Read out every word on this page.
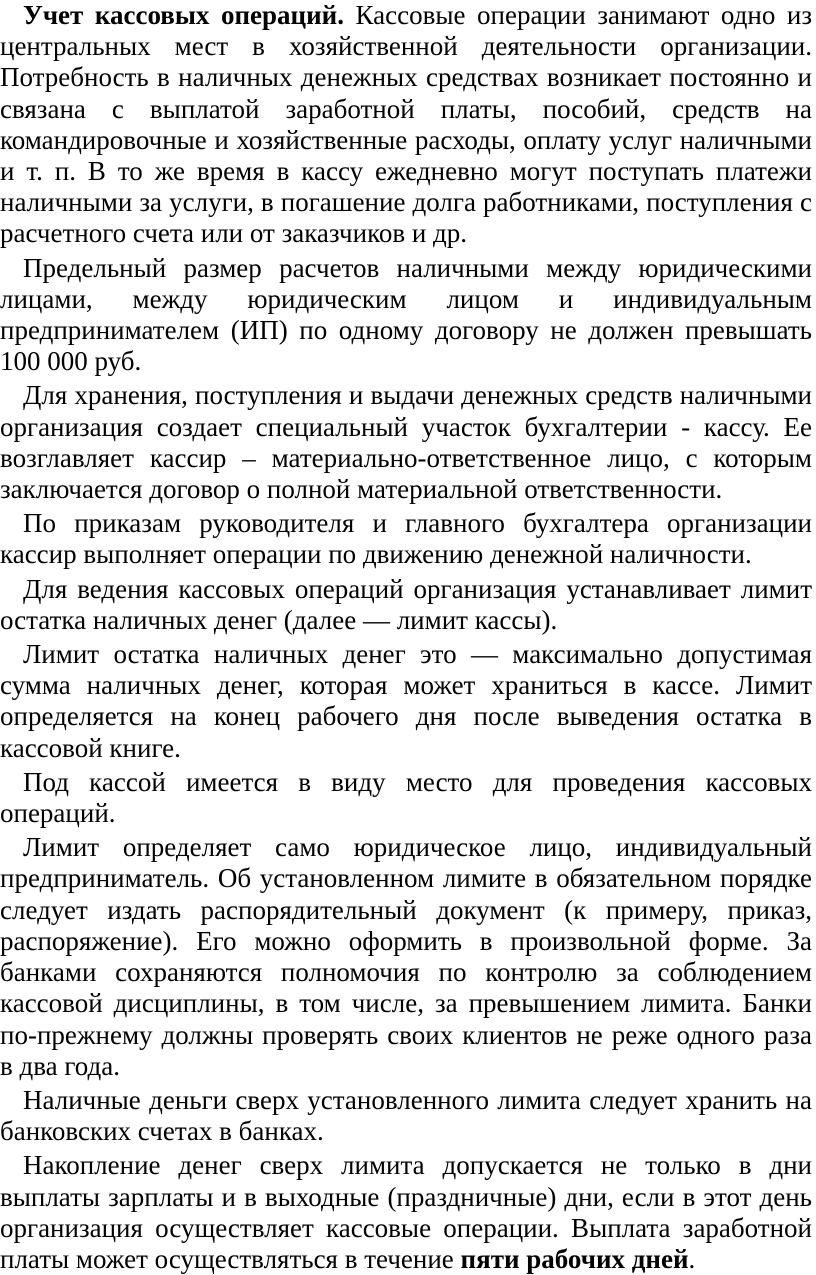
Учет кассовых операций. Кассовые операции занимают одно из центральных мест в хозяйственной деятельности организации. Потребность в наличных денежных средствах возникает постоянно и связана с выплатой заработной платы, пособий, средств на командировочные и хозяйственные расходы, оплату услуг наличными и т. п. В то же время в кассу ежедневно могут поступать платежи наличными за услуги, в погашение долга работниками, поступления с расчетного счета или от заказчиков и др.

Предельный размер расчетов наличными между юридическими лицами, между юридическим лицом и индивидуальным предпринимателем (ИП) по одному договору не должен превышать 100 000 руб.

Для хранения, поступления и выдачи денежных средств наличными организация создает специальный участок бухгалтерии - кассу. Ее возглавляет кассир – материально-ответственное лицо, с которым заключается договор о полной материальной ответственности.

По приказам руководителя и главного бухгалтера организации кассир выполняет операции по движению денежной наличности.

Для ведения кассовых операций организация устанавливает лимит остатка наличных денег (далее — лимит кассы).

Лимит остатка наличных денег это — максимально допустимая сумма наличных денег, которая может храниться в кассе. Лимит определяется на конец рабочего дня после выведения остатка в кассовой книге.

Под кассой имеется в виду место для проведения кассовых операций.

Лимит определяет само юридическое лицо, индивидуальный предприниматель. Об установленном лимите в обязательном порядке следует издать распорядительный документ (к примеру, приказ, распоряжение). Его можно оформить в произвольной форме. За банками сохраняются полномочия по контролю за соблюдением кассовой дисциплины, в том числе, за превышением лимита. Банки по-прежнему должны проверять своих клиентов не реже одного раза в два года.

Наличные деньги сверх установленного лимита следует хранить на банковских счетах в банках.

Накопление денег сверх лимита допускается не только в дни выплаты зарплаты и в выходные (праздничные) дни, если в этот день организация осуществляет кассовые операции. Выплата заработной платы может осуществляться в течение пяти рабочих дней.
